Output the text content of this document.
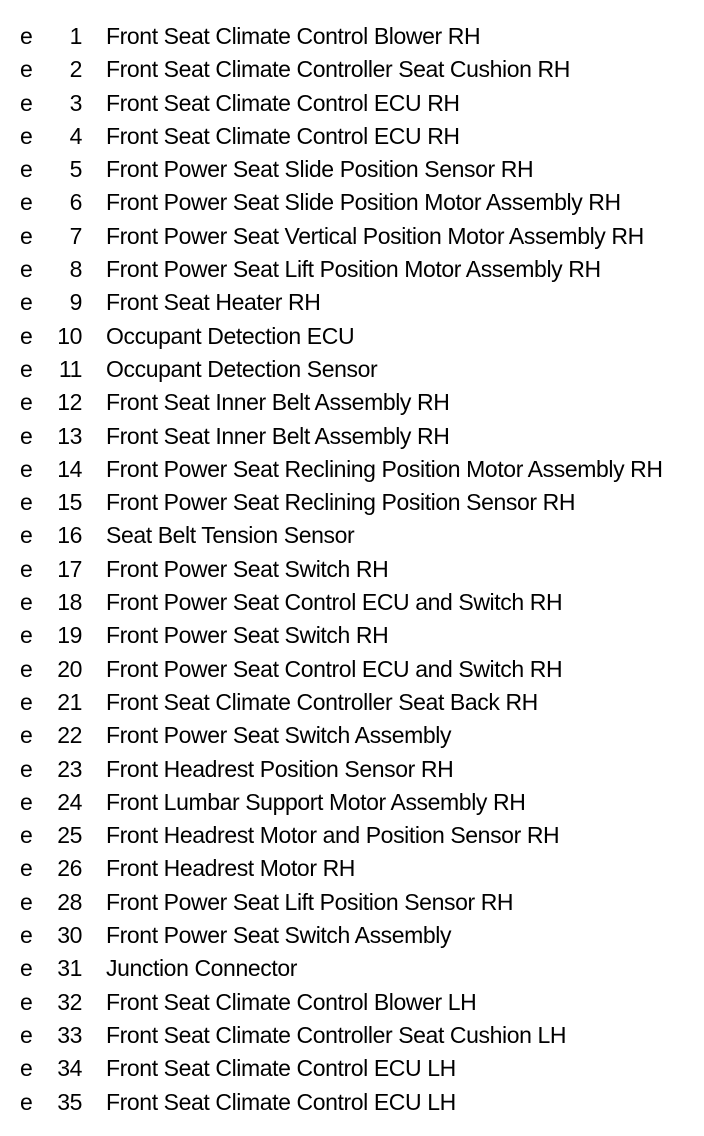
e	1 Front Seat Climate Control Blower RH
e	2 Front Seat Climate Controller Seat Cushion RH
e	3 Front Seat Climate Control ECU RH
e	4 Front Seat Climate Control ECU RH
e	5 Front Power Seat Slide Position Sensor RH
e	6 Front Power Seat Slide Position Motor Assembly RH
e	7 Front Power Seat Vertical Position Motor Assembly RH
e	8 Front Power Seat Lift Position Motor Assembly RH
e	9 Front Seat Heater RH
e	10 Occupant Detection ECU
e	11 Occupant Detection Sensor
e	12 Front Seat Inner Belt Assembly RH
e	13 Front Seat Inner Belt Assembly RH
e	14 Front Power Seat Reclining Position Motor Assembly RH
e	15 Front Power Seat Reclining Position Sensor RH
e	16 Seat Belt Tension Sensor
e	17 Front Power Seat Switch RH
e	18 Front Power Seat Control ECU and Switch RH
e	19 Front Power Seat Switch RH
e	20 Front Power Seat Control ECU and Switch RH
e	21 Front Seat Climate Controller Seat Back RH
e	22 Front Power Seat Switch Assembly
e	23 Front Headrest Position Sensor RH
e	24 Front Lumbar Support Motor Assembly RH
e	25 Front Headrest Motor and Position Sensor RH
e	26 Front Headrest Motor RH
e	28 Front Power Seat Lift Position Sensor RH
e	30 Front Power Seat Switch Assembly
e	31 Junction Connector
e	32 Front Seat Climate Control Blower LH
e	33 Front Seat Climate Controller Seat Cushion LH
e	34 Front Seat Climate Control ECU LH
e	35 Front Seat Climate Control ECU LH
